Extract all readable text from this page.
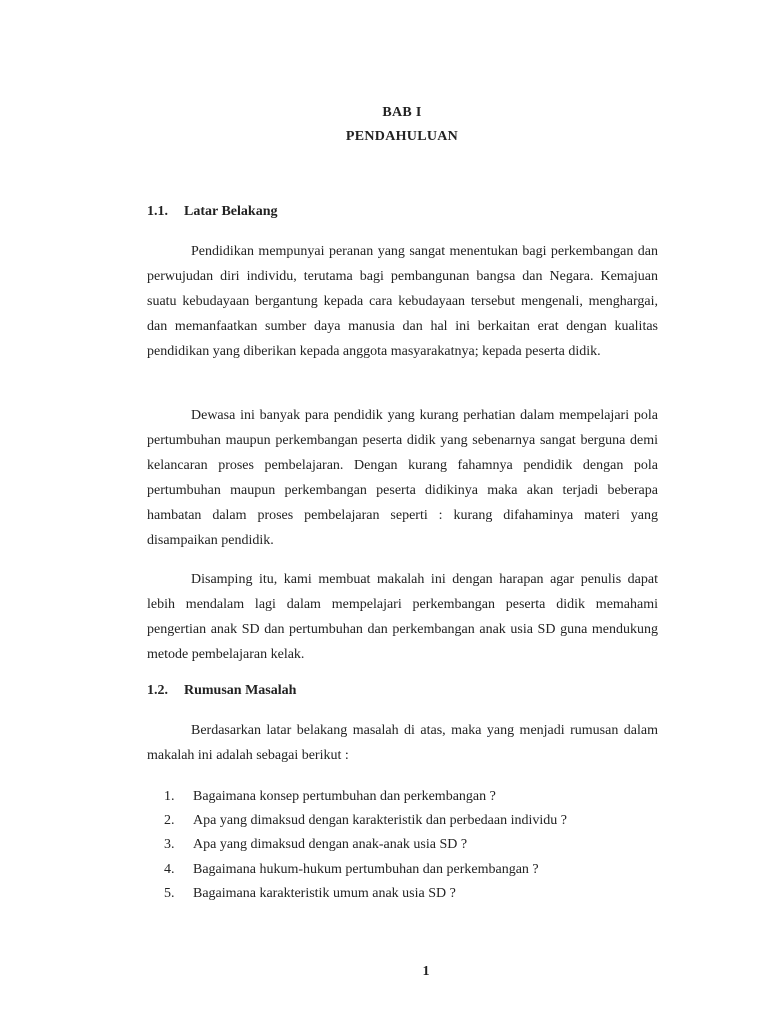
BAB I
PENDAHULUAN
1.1. Latar Belakang

Pendidikan mempunyai peranan yang sangat menentukan bagi perkembangan dan perwujudan diri individu, terutama bagi pembangunan bangsa dan Negara. Kemajuan suatu kebudayaan bergantung kepada cara kebudayaan tersebut mengenali, menghargai, dan memanfaatkan sumber daya manusia dan hal ini berkaitan erat dengan kualitas pendidikan yang diberikan kepada anggota masyarakatnya; kepada peserta didik.

Dewasa ini banyak para pendidik yang kurang perhatian dalam mempelajari pola pertumbuhan maupun perkembangan peserta didik yang sebenarnya sangat berguna demi kelancaran proses pembelajaran. Dengan kurang fahamnya pendidik dengan pola pertumbuhan maupun perkembangan peserta didikinya maka akan terjadi beberapa hambatan dalam proses pembelajaran seperti : kurang difahaminya materi yang disampaikan pendidik.

Disamping itu, kami membuat makalah ini dengan harapan agar penulis dapat lebih mendalam lagi dalam mempelajari perkembangan peserta didik memahami pengertian anak SD dan pertumbuhan dan perkembangan anak usia SD guna mendukung metode pembelajaran kelak.

1.2. Rumusan Masalah

Berdasarkan latar belakang masalah di atas, maka yang menjadi rumusan dalam makalah ini adalah sebagai berikut :

1. Bagaimana konsep pertumbuhan dan perkembangan ?
2. Apa yang dimaksud dengan karakteristik dan perbedaan individu ?
3. Apa yang dimaksud dengan anak-anak usia SD ?
4. Bagaimana hukum-hukum pertumbuhan dan perkembangan ?
5. Bagaimana karakteristik umum anak usia SD ?
1
